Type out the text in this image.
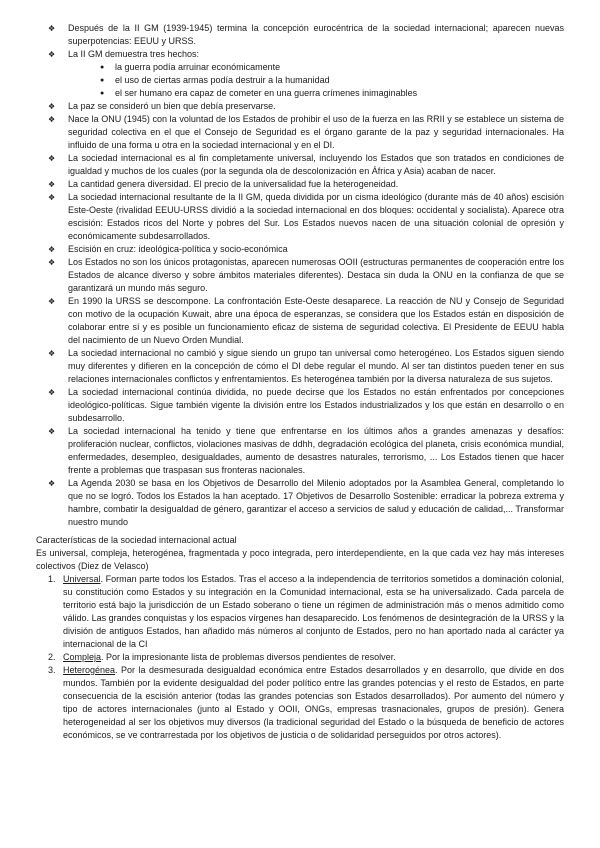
❖	Después de la II GM (1939-1945) termina la concepción eurocéntrica de la sociedad internacional; aparecen nuevas superpotencias: EEUU y URSS.
❖	La II GM demuestra tres hechos:
●	la guerra podía arruinar económicamente
●	el uso de ciertas armas podía destruir a la humanidad
●	el ser humano era capaz de cometer en una guerra crímenes inimaginables
❖	La paz se consideró un bien que debía preservarse.
❖	Nace la ONU (1945) con la voluntad de los Estados de prohibir el uso de la fuerza en las RRII y se establece un sistema de seguridad colectiva en el que el Consejo de Seguridad es el órgano garante de la paz y seguridad internacionales. Ha influido de una forma u otra en la sociedad internacional y en el DI.
❖	La sociedad internacional es al fin completamente universal, incluyendo los Estados que son tratados en condiciones de igualdad y muchos de los cuales (por la segunda ola de descolonización en África y Asia) acaban de nacer.
❖	La cantidad genera diversidad. El precio de la universalidad fue la heterogeneidad.
❖	La sociedad internacional resultante de la II GM, queda dividida por un cisma ideológico (durante más de 40 años) escisión Este-Oeste (rivalidad EEUU-URSS dividió a la sociedad internacional en dos bloques: occidental y socialista). Aparece otra escisión: Estados ricos del Norte y pobres del Sur. Los Estados nuevos nacen de una situación colonial de opresión y económicamente subdesarrollados.
❖	Escisión en cruz: ideológica-política y socio-económica
❖	Los Estados no son los únicos protagonistas, aparecen numerosas OOII (estructuras permanentes de cooperación entre los Estados de alcance diverso y sobre ámbitos materiales diferentes). Destaca sin duda la ONU en la confianza de que se garantizará un mundo más seguro.
❖	En 1990 la URSS se descompone. La confrontación Este-Oeste desaparece. La reacción de NU y Consejo de Seguridad con motivo de la ocupación Kuwait, abre una época de esperanzas, se considera que los Estados están en disposición de colaborar entre sí y es posible un funcionamiento eficaz de sistema de seguridad colectiva. El Presidente de EEUU habla del nacimiento de un Nuevo Orden Mundial.
❖	La sociedad internacional no cambió y sigue siendo un grupo tan universal como heterogéneo. Los Estados siguen siendo muy diferentes y difieren en la concepción de cómo el DI debe regular el mundo. Al ser tan distintos pueden tener en sus relaciones internacionales conflictos y enfrentamientos. Es heterogénea también por la diversa naturaleza de sus sujetos.
❖	La sociedad internacional continúa dividida, no puede decirse que los Estados no están enfrentados por concepciones ideológico-políticas. Sigue también vigente la división entre los Estados industrializados y los que están en desarrollo o en subdesarrollo.
❖	La sociedad internacional ha tenido y tiene que enfrentarse en los últimos años a grandes amenazas y desafíos: proliferación nuclear, conflictos, violaciones masivas de ddhh, degradación ecológica del planeta, crisis económica mundial, enfermedades, desempleo, desigualdades, aumento de desastres naturales, terrorismo, ... Los Estados tienen que hacer frente a problemas que traspasan sus fronteras nacionales.
❖	La Agenda 2030 se basa en los Objetivos de Desarrollo del Milenio adoptados por la Asamblea General, completando lo que no se logró. Todos los Estados la han aceptado. 17 Objetivos de Desarrollo Sostenible: erradicar la pobreza extrema y hambre, combatir la desigualdad de género, garantizar el acceso a servicios de salud y educación de calidad,... Transformar nuestro mundo
Características de la sociedad internacional actual
Es universal, compleja, heterogénea, fragmentada y poco integrada, pero interdependiente, en la que cada vez hay más intereses colectivos (Diez de Velasco)
1. Universal. Forman parte todos los Estados. Tras el acceso a la independencia de territorios sometidos a dominación colonial, su constitución como Estados y su integración en la Comunidad internacional, esta se ha universalizado. Cada parcela de territorio está bajo la jurisdicción de un Estado soberano o tiene un régimen de administración más o menos admitido como válido. Las grandes conquistas y los espacios vírgenes han desaparecido. Los fenómenos de desintegración de la URSS y la división de antiguos Estados, han añadido más números al conjunto de Estados, pero no han aportado nada al carácter ya internacional de la CI
2. Compleja. Por la impresionante lista de problemas diversos pendientes de resolver.
3. Heterogénea. Por la desmesurada desigualdad económica entre Estados desarrollados y en desarrollo, que divide en dos mundos. También por la evidente desigualdad del poder político entre las grandes potencias y el resto de Estados, en parte consecuencia de la escisión anterior (todas las grandes potencias son Estados desarrollados). Por aumento del número y tipo de actores internacionales (junto al Estado y OOII, ONGs, empresas trasnacionales, grupos de presión). Genera heterogeneidad al ser los objetivos muy diversos (la tradicional seguridad del Estado o la búsqueda de beneficio de actores económicos, se ve contrarrestada por los objetivos de justicia o de solidaridad perseguidos por otros actores).
